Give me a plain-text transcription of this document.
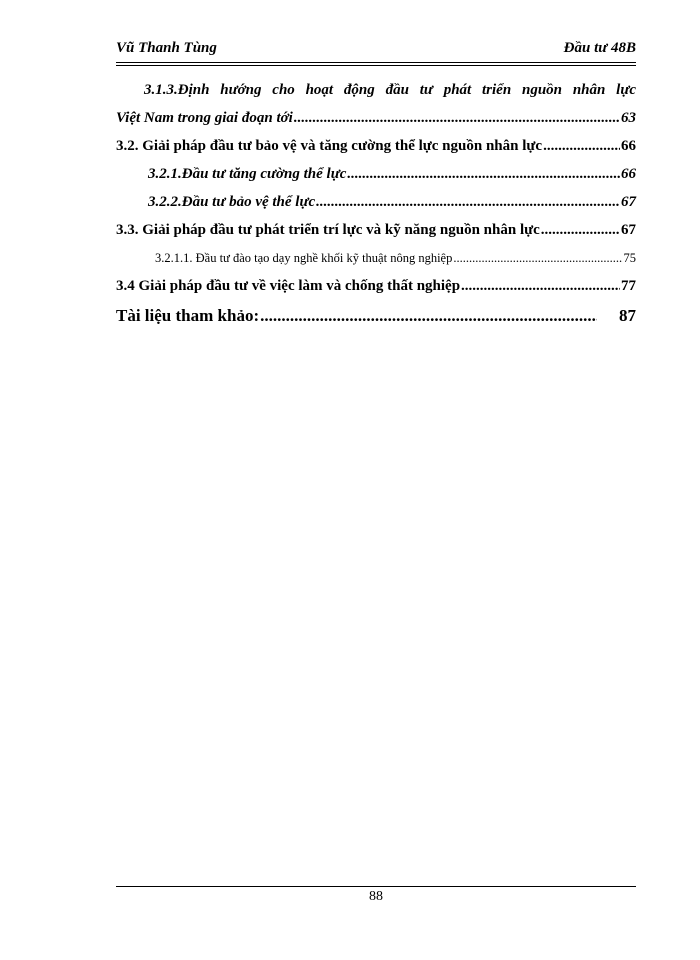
Vũ Thanh Tùng	Đầu tư 48B
3.1.3.Định hướng cho hoạt động đầu tư phát triển nguồn nhân lực
Việt Nam trong giai đoạn tới .....	63
3.2. Giải pháp đầu tư bảo vệ và tăng cường thể lực nguồn nhân lực .....	66
3.2.1.Đầu tư tăng cường thể lực .....	66
3.2.2.Đầu tư bảo vệ thể lực .....	67
3.3. Giải pháp đầu tư phát triển trí lực và kỹ năng nguồn nhân lực .....	67
3.2.1.1. Đầu tư đào tạo dạy nghề khối kỹ thuật nông nghiệp .....	75
3.4 Giải pháp đầu tư về việc làm và chống thất nghiệp .....	77
Tài liệu tham khảo: .....	87
88
